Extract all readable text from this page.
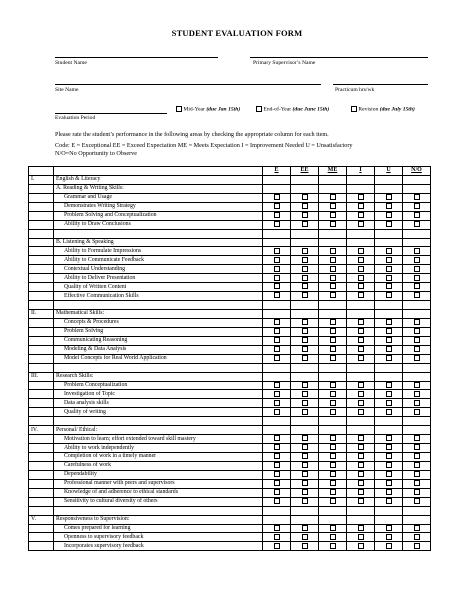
STUDENT EVALUATION FORM
Student Name	Primary Supervisor’s Name
Site Name	Practicum hrs/wk
Evaluation Period
Mid-Year (due Jan 15th)	End-of-Year (due June 15th)	Revision (due July 15th)
Please rate the student’s performance in the following areas by checking the appropriate column for each item.
Code: E = Exceptional EE = Exceed Expectation ME = Meets Expectation I = Improvement Needed U = Unsatisfactory
N/O=No Opportunity to Observe
		E	EE	ME	I	U	N/O
I.	English & Literacy						
	A. Reading & Writing Skills:						
	Grammar and Usage						
	Demonstrates Writing Strategy						
	Problem Solving and Conceptualization						
	Ability to Draw Conclusions						

	B. Listening & Speaking						
	Ability to Formulate Impressions						
	Ability to Communicate Feedback						
	Contextual Understanding						
	Ability to Deliver Presentation						
	Quality of Written Content						
	Effective Communication Skills						

II.	Mathematical Skills:						
	Concepts & Procedures						
	Problem Solving						
	Communicating Reasoning						
	Modeling & Data Analysis						
	Model Concepts for Real World Application						

III.	Research Skills:						
	Problem Conceptualization						
	Investigation of Topic						
	Data analysis skills						
	Quality of writing						

IV.	Personal/ Ethical:						
	Motivation to learn; effort extended toward skill mastery						
	Ability to work independently						
	Completion of work in a timely manner						
	Carefulness of work						
	Dependability						
	Professional manner with peers and supervisors						
	Knowledge of and adherence to ethical standards						
	Sensitivity to cultural diversity of others						

V.	Responsiveness to Supervision:						
	Comes prepared for learning						
	Openness to supervisory feedback						
	Incorporates supervisory feedback						
